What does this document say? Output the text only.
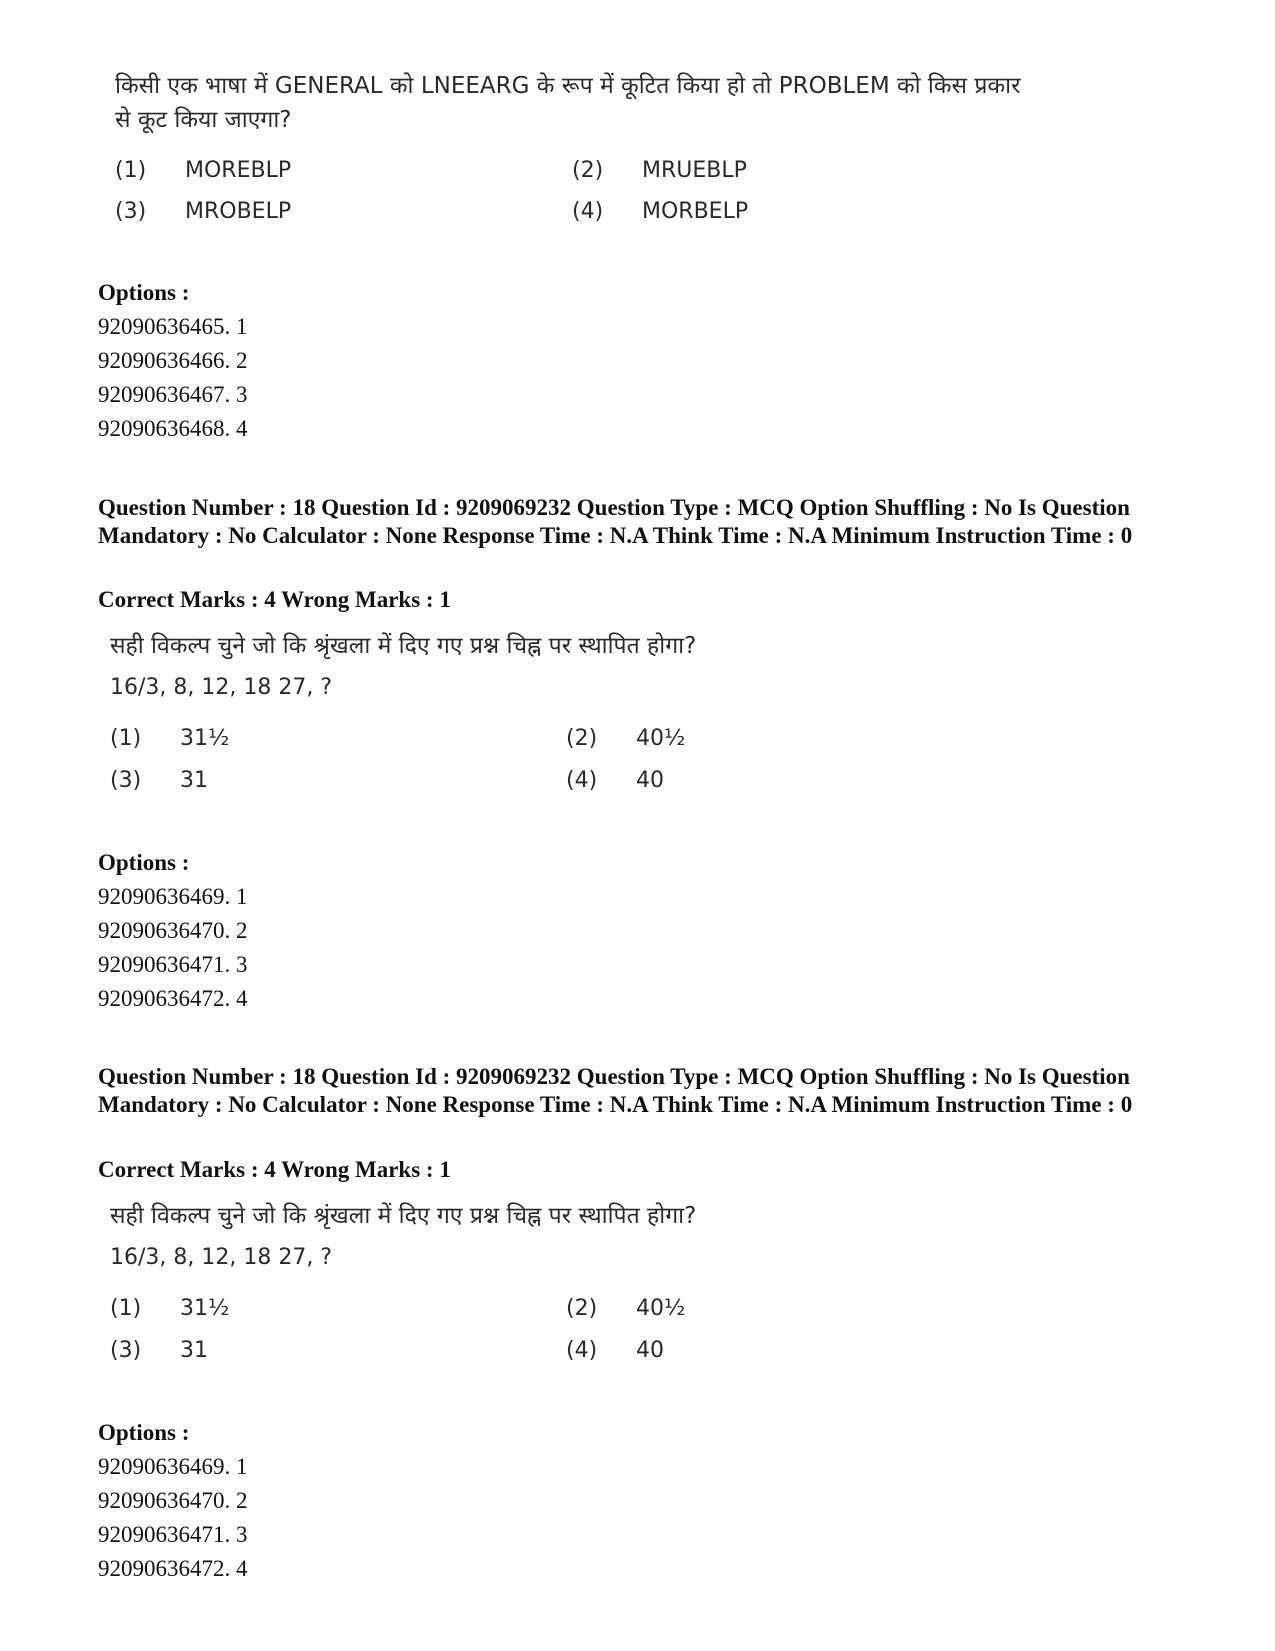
किसी एक भाषा में GENERAL को LNEEARG के रूप में कूटित किया हो तो PROBLEM को किस प्रकार
से कूट किया जाएगा?
(1) MOREBLP	(2) MRUEBLP
(3) MROBELP	(4) MORBELP
Options :
92090636465. 1
92090636466. 2
92090636467. 3
92090636468. 4
Question Number : 18 Question Id : 9209069232 Question Type : MCQ Option Shuffling : No Is Question Mandatory : No Calculator : None Response Time : N.A Think Time : N.A Minimum Instruction Time : 0
Correct Marks : 4 Wrong Marks : 1
सही विकल्प चुने जो कि श्रृंखला में दिए गए प्रश्न चिह्न पर स्थापित होगा?
16/3, 8, 12, 18 27, ?
(1) 31½	(2) 40½
(3) 31	(4) 40
Options :
92090636469. 1
92090636470. 2
92090636471. 3
92090636472. 4
Question Number : 18 Question Id : 9209069232 Question Type : MCQ Option Shuffling : No Is Question Mandatory : No Calculator : None Response Time : N.A Think Time : N.A Minimum Instruction Time : 0
Correct Marks : 4 Wrong Marks : 1
सही विकल्प चुने जो कि श्रृंखला में दिए गए प्रश्न चिह्न पर स्थापित होगा?
16/3, 8, 12, 18 27, ?
(1) 31½	(2) 40½
(3) 31	(4) 40
Options :
92090636469. 1
92090636470. 2
92090636471. 3
92090636472. 4
